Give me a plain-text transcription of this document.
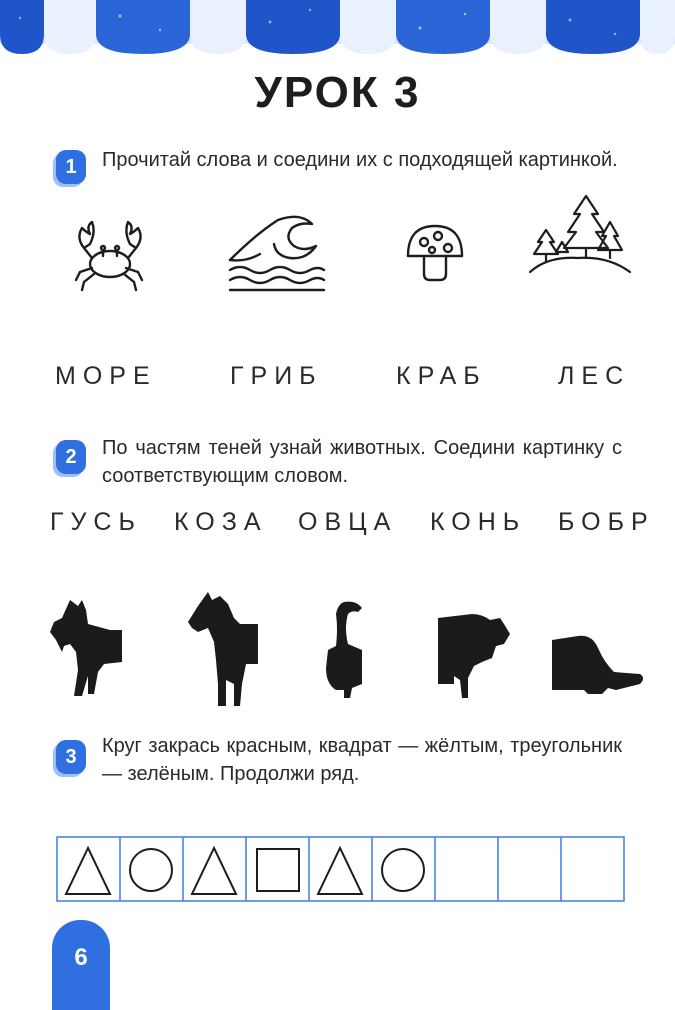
УРОК 3
1	Прочитай слова и соедини их с подходящей картинкой.
МОРЕ	ГРИБ	КРАБ	ЛЕС
2	По частям теней узнай животных. Соедини картинку с соответствующим словом.
ГУСЬ КОЗА ОВЦА КОНЬ БОБР
3	Круг закрась красным, квадрат — жёлтым, треугольник — зелёным. Продолжи ряд.
6
